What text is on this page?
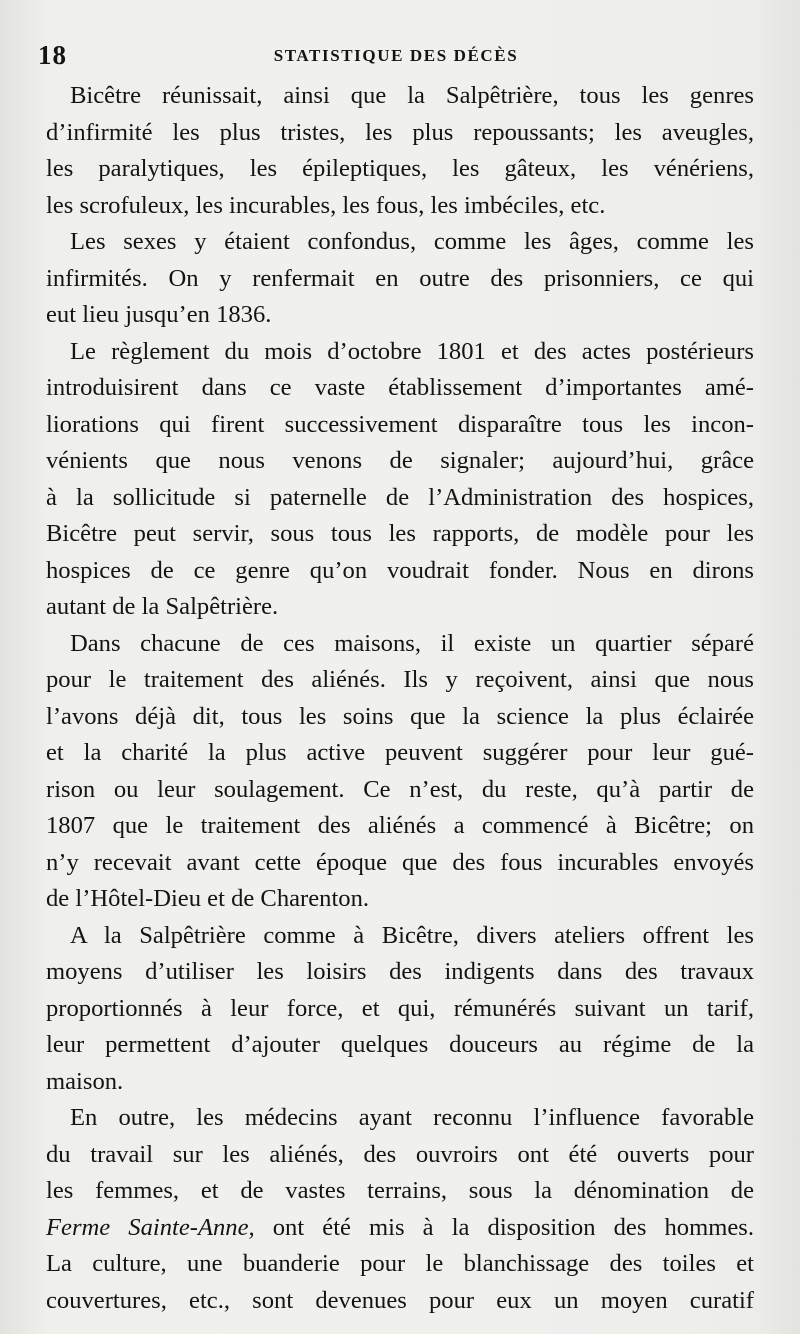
18	STATISTIQUE DES DÉCÈS

Bicêtre réunissait, ainsi que la Salpêtrière, tous les genres
d’infirmité les plus tristes, les plus repoussants; les aveugles,
les paralytiques, les épileptiques, les gâteux, les vénériens,
les scrofuleux, les incurables, les fous, les imbéciles, etc.

Les sexes y étaient confondus, comme les âges, comme les
infirmités. On y renfermait en outre des prisonniers, ce qui
eut lieu jusqu’en 1836.

Le règlement du mois d’octobre 1801 et des actes postérieurs
introduisirent dans ce vaste établissement d’importantes amé-
liorations qui firent successivement disparaître tous les incon-
vénients que nous venons de signaler; aujourd’hui, grâce
à la sollicitude si paternelle de l’Administration des hospices,
Bicêtre peut servir, sous tous les rapports, de modèle pour les
hospices de ce genre qu’on voudrait fonder. Nous en dirons
autant de la Salpêtrière.

Dans chacune de ces maisons, il existe un quartier séparé
pour le traitement des aliénés. Ils y reçoivent, ainsi que nous
l’avons déjà dit, tous les soins que la science la plus éclairée
et la charité la plus active peuvent suggérer pour leur gué-
rison ou leur soulagement. Ce n’est, du reste, qu’à partir de
1807 que le traitement des aliénés a commencé à Bicêtre; on
n’y recevait avant cette époque que des fous incurables envoyés
de l’Hôtel-Dieu et de Charenton.

A la Salpêtrière comme à Bicêtre, divers ateliers offrent les
moyens d’utiliser les loisirs des indigents dans des travaux
proportionnés à leur force, et qui, rémunérés suivant un tarif,
leur permettent d’ajouter quelques douceurs au régime de la
maison.

En outre, les médecins ayant reconnu l’influence favorable
du travail sur les aliénés, des ouvroirs ont été ouverts pour
les femmes, et de vastes terrains, sous la dénomination de
Ferme Sainte-Anne, ont été mis à la disposition des hommes.
La culture, une buanderie pour le blanchissage des toiles et
couvertures, etc., sont devenues pour eux un moyen curatif
